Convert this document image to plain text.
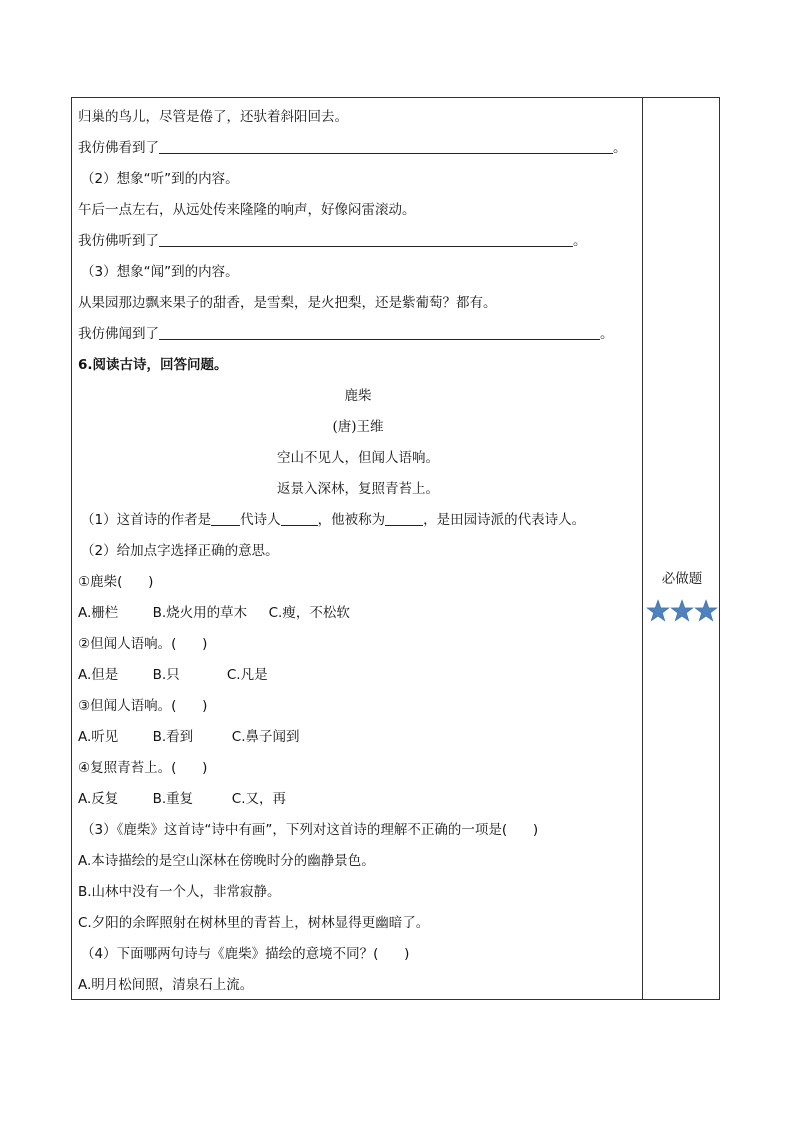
归巢的鸟儿，尽管是倦了，还驮着斜阳回去。
我仿佛看到了	。
（2）想象“听”到的内容。
午后一点左右，从远处传来隆隆的响声，好像闷雷滚动。
我仿佛听到了	。
（3）想象“闻”到的内容。
从果园那边飘来果子的甜香，是雪梨，是火把梨，还是紫葡萄？都有。
我仿佛闻到了	。
6.阅读古诗，回答问题。
鹿柴
(唐)王维
空山不见人，但闻人语响。
返景入深林，复照青苔上。
（1）这首诗的作者是 代诗人	，他被称为	，是田园诗派的代表诗人。
（2）给加点字选择正确的意思。
①鹿柴(      )
A.栅栏        B.烧火用的草木     C.瘦，不松软
②但闻人语响。(      )
A.但是        B.只           C.凡是
③但闻人语响。(      )
A.听见        B.看到         C.鼻子闻到
④复照青苔上。(      )
A.反复        B.重复         C.又，再
（3）《鹿柴》这首诗“诗中有画”，下列对这首诗的理解不正确的一项是(      )
A.本诗描绘的是空山深林在傍晚时分的幽静景色。
B.山林中没有一个人，非常寂静。
C.夕阳的余晖照射在树林里的青苔上，树林显得更幽暗了。
（4）下面哪两句诗与《鹿柴》描绘的意境不同？(      )
A.明月松间照，清泉石上流。
必做题
